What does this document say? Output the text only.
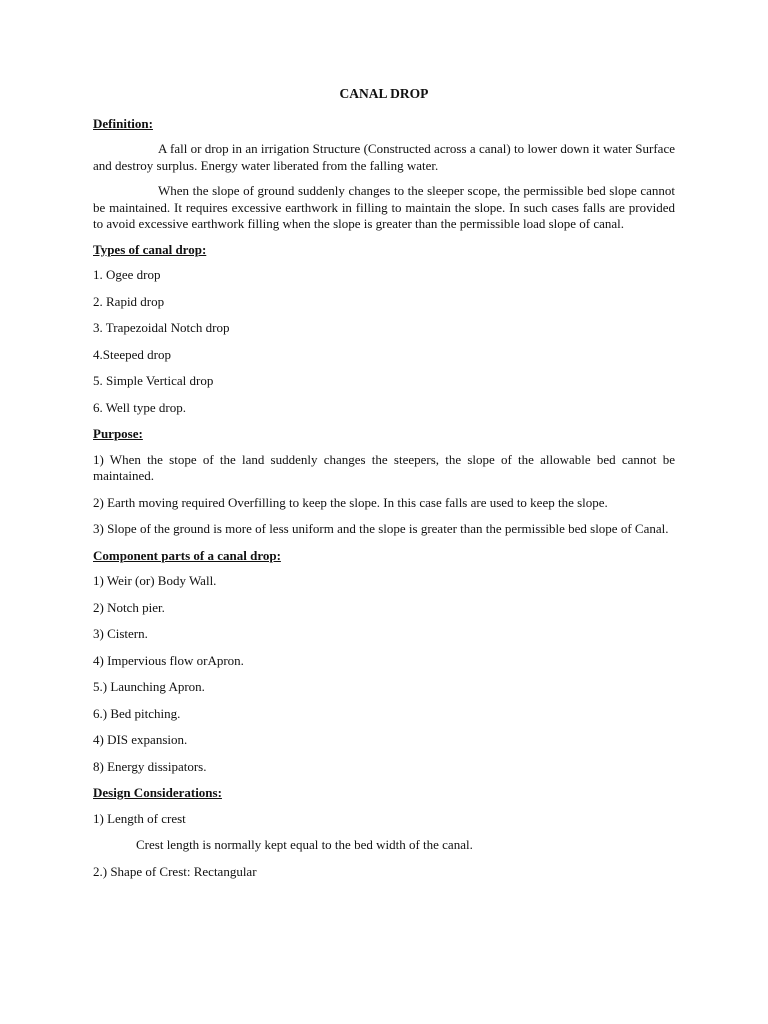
CANAL DROP
Definition:
A fall or drop in an irrigation Structure (Constructed across a canal) to lower down it water Surface and destroy surplus. Energy water liberated from the falling water.
When the slope of ground suddenly changes to the sleeper scope, the permissible bed slope cannot be maintained. It requires excessive earthwork in filling to maintain the slope. In such cases falls are provided to avoid excessive earthwork filling when the slope is greater than the permissible load slope of canal.
Types of canal drop:
1. Ogee drop
2. Rapid drop
3. Trapezoidal Notch drop
4.Steeped drop
5. Simple Vertical drop
6. Well type drop.
Purpose:
1) When the stope of the land suddenly changes the steepers, the slope of the allowable bed cannot be maintained.
2) Earth moving required Overfilling to keep the slope. In this case falls are used to keep the slope.
3) Slope of the ground is more of less uniform and the slope is greater than the permissible bed slope of Canal.
Component parts of a canal drop:
1) Weir (or) Body Wall.
2) Notch pier.
3) Cistern.
4) Impervious flow orApron.
5.) Launching Apron.
6.) Bed pitching.
4) DIS expansion.
8) Energy dissipators.
Design Considerations:
1) Length of crest
Crest length is normally kept equal to the bed width of the canal.
2.) Shape of Crest: Rectangular
